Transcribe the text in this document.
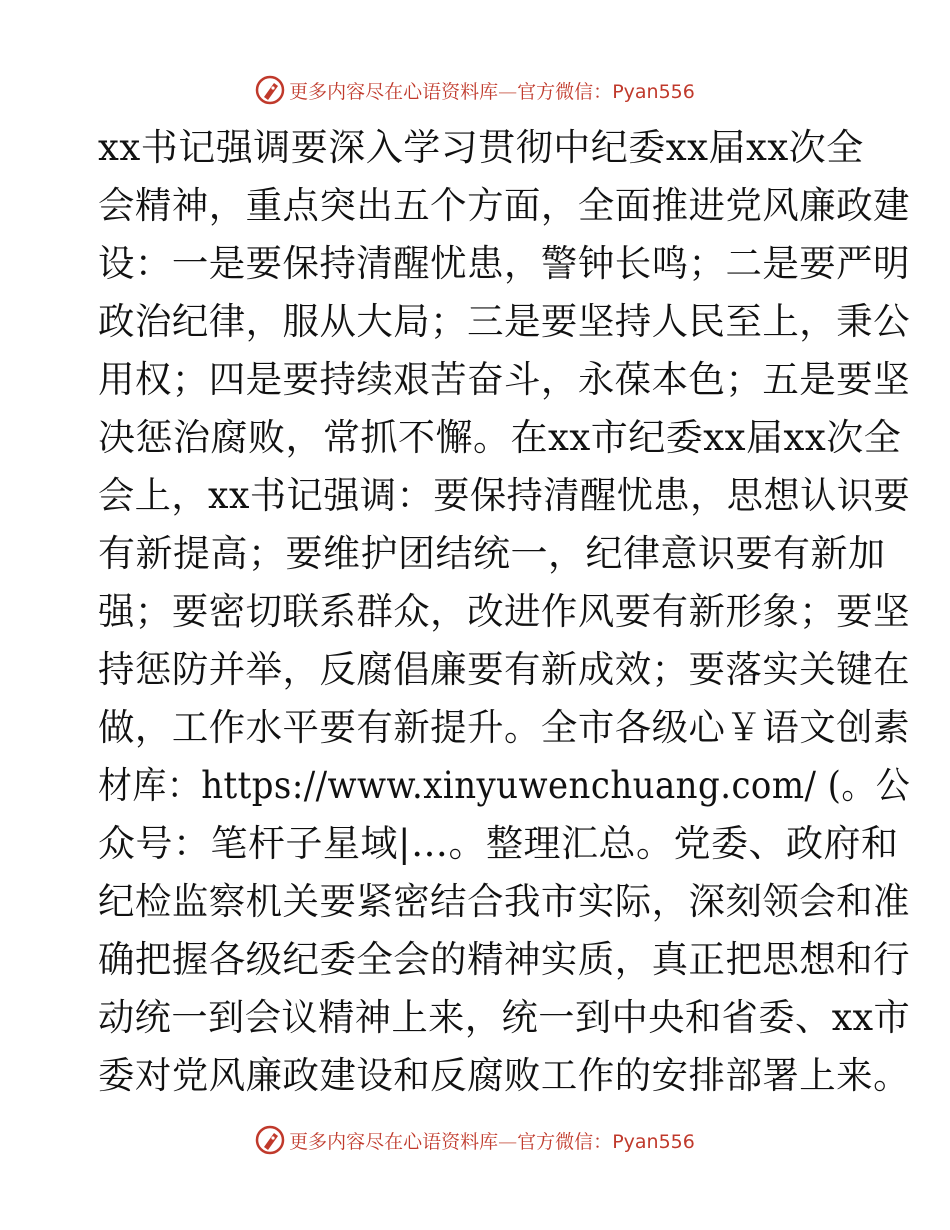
更多内容尽在心语资料库—官方微信：Pyan556
xx书记强调要深入学习贯彻中纪委xx届xx次全
会精神，重点突出五个方面，全面推进党风廉政建
设：一是要保持清醒忧患，警钟长鸣；二是要严明
政治纪律，服从大局；三是要坚持人民至上，秉公
用权；四是要持续艰苦奋斗，永葆本色；五是要坚
决惩治腐败，常抓不懈。在xx市纪委xx届xx次全
会上，xx书记强调：要保持清醒忧患，思想认识要
有新提高；要维护团结统一，纪律意识要有新加
强；要密切联系群众，改进作风要有新形象；要坚
持惩防并举，反腐倡廉要有新成效；要落实关键在
做，工作水平要有新提升。全市各级心￥语文创素
材库：https://www.xinyuwenchuang.com/ (。公
众号：笔杆子星域|…。整理汇总。党委、政府和
纪检监察机关要紧密结合我市实际，深刻领会和准
确把握各级纪委全会的精神实质，真正把思想和行
动统一到会议精神上来，统一到中央和省委、xx市
委对党风廉政建设和反腐败工作的安排部署上来。
更多内容尽在心语资料库—官方微信：Pyan556
